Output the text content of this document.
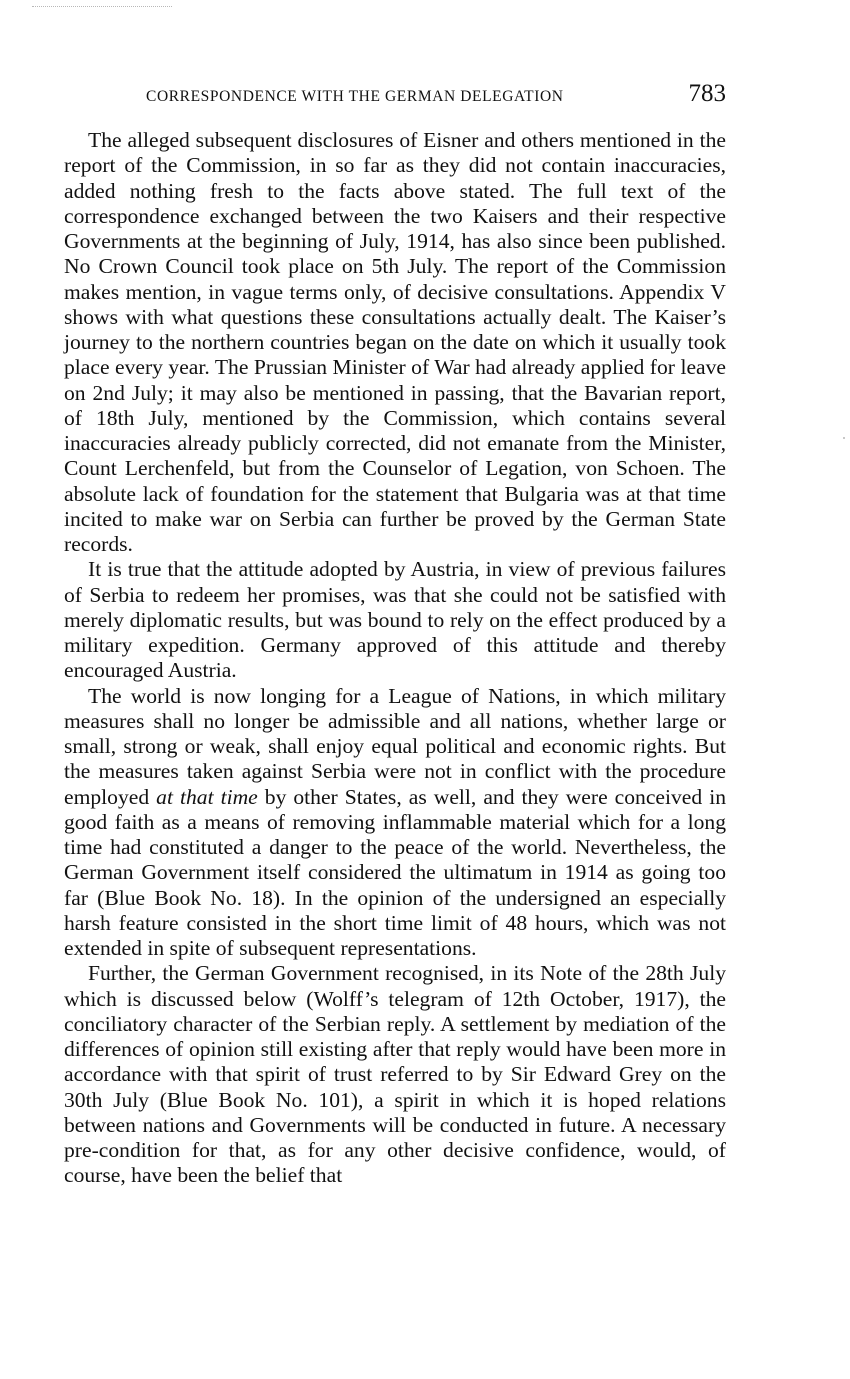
CORRESPONDENCE WITH THE GERMAN DELEGATION	783

The alleged subsequent disclosures of Eisner and others mentioned in the report of the Commission, in so far as they did not contain inaccuracies, added nothing fresh to the facts above stated. The full text of the correspondence exchanged between the two Kaisers and their respective Governments at the beginning of July, 1914, has also since been published. No Crown Council took place on 5th July. The report of the Commission makes mention, in vague terms only, of decisive consultations. Appendix V shows with what questions these consultations actually dealt. The Kaiser’s journey to the northern countries began on the date on which it usually took place every year. The Prussian Minister of War had already applied for leave on 2nd July; it may also be mentioned in passing, that the Bavarian report, of 18th July, mentioned by the Commission, which contains several inaccuracies already publicly corrected, did not emanate from the Minister, Count Lerchenfeld, but from the Counselor of Legation, von Schoen. The absolute lack of foundation for the statement that Bulgaria was at that time incited to make war on Serbia can further be proved by the German State records.

It is true that the attitude adopted by Austria, in view of previous failures of Serbia to redeem her promises, was that she could not be satisfied with merely diplomatic results, but was bound to rely on the effect produced by a military expedition. Germany approved of this attitude and thereby encouraged Austria.

The world is now longing for a League of Nations, in which military measures shall no longer be admissible and all nations, whether large or small, strong or weak, shall enjoy equal political and economic rights. But the measures taken against Serbia were not in conflict with the procedure employed at that time by other States, as well, and they were conceived in good faith as a means of removing inflammable material which for a long time had constituted a danger to the peace of the world. Nevertheless, the German Government itself considered the ultimatum in 1914 as going too far (Blue Book No. 18). In the opinion of the undersigned an especially harsh feature consisted in the short time limit of 48 hours, which was not extended in spite of subsequent representations.

Further, the German Government recognised, in its Note of the 28th July which is discussed below (Wolff’s telegram of 12th October, 1917), the conciliatory character of the Serbian reply. A settlement by mediation of the differences of opinion still existing after that reply would have been more in accordance with that spirit of trust referred to by Sir Edward Grey on the 30th July (Blue Book No. 101), a spirit in which it is hoped relations between nations and Governments will be conducted in future. A necessary pre-condition for that, as for any other decisive confidence, would, of course, have been the belief that
